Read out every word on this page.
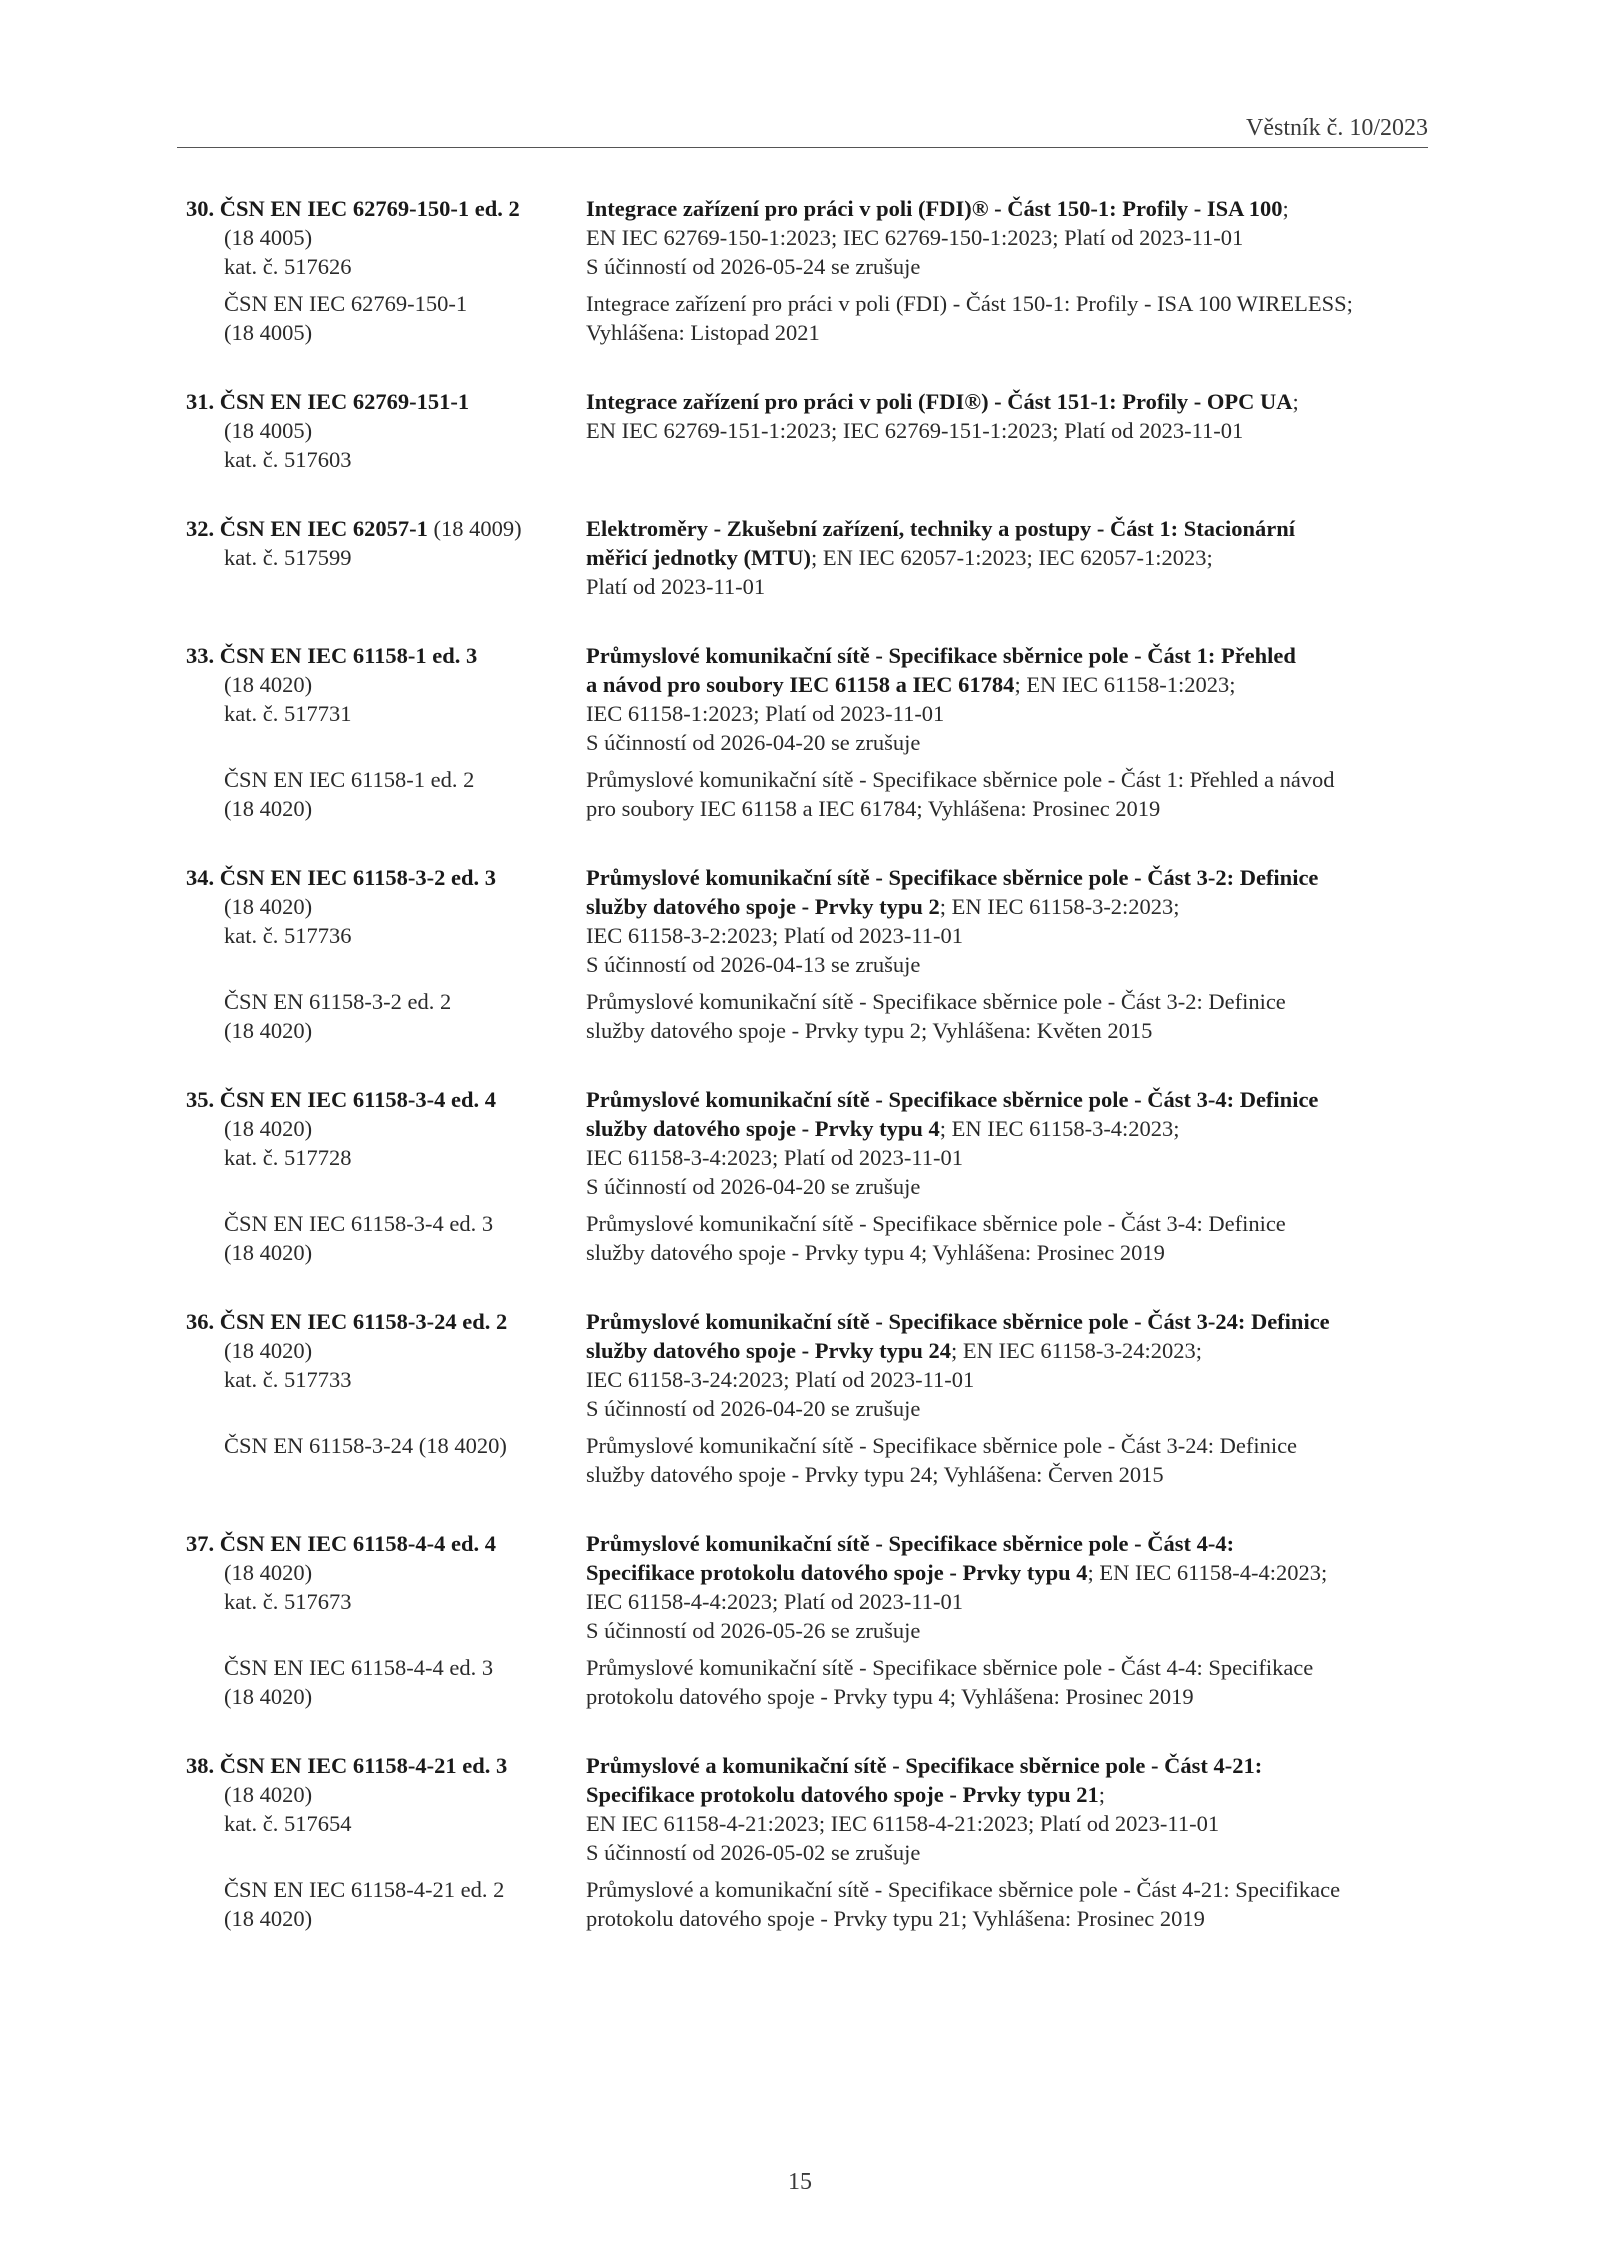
Věstník č. 10/2023
30. ČSN EN IEC 62769-150-1 ed. 2
(18 4005)
kat. č. 517626
Integrace zařízení pro práci v poli (FDI)® - Část 150-1: Profily - ISA 100;
EN IEC 62769-150-1:2023; IEC 62769-150-1:2023; Platí od 2023-11-01
S účinností od 2026-05-24 se zrušuje
ČSN EN IEC 62769-150-1
(18 4005)
Integrace zařízení pro práci v poli (FDI) - Část 150-1: Profily - ISA 100 WIRELESS;
Vyhlášena: Listopad 2021
31. ČSN EN IEC 62769-151-1
(18 4005)
kat. č. 517603
Integrace zařízení pro práci v poli (FDI®) - Část 151-1: Profily - OPC UA;
EN IEC 62769-151-1:2023; IEC 62769-151-1:2023; Platí od 2023-11-01
32. ČSN EN IEC 62057-1 (18 4009)
kat. č. 517599
Elektroměry - Zkušební zařízení, techniky a postupy - Část 1: Stacionární
měřicí jednotky (MTU); EN IEC 62057-1:2023; IEC 62057-1:2023;
Platí od 2023-11-01
33. ČSN EN IEC 61158-1 ed. 3
(18 4020)
kat. č. 517731
Průmyslové komunikační sítě - Specifikace sběrnice pole - Část 1: Přehled
a návod pro soubory IEC 61158 a IEC 61784; EN IEC 61158-1:2023;
IEC 61158-1:2023; Platí od 2023-11-01
S účinností od 2026-04-20 se zrušuje
ČSN EN IEC 61158-1 ed. 2
(18 4020)
Průmyslové komunikační sítě - Specifikace sběrnice pole - Část 1: Přehled a návod
pro soubory IEC 61158 a IEC 61784; Vyhlášena: Prosinec 2019
34. ČSN EN IEC 61158-3-2 ed. 3
(18 4020)
kat. č. 517736
Průmyslové komunikační sítě - Specifikace sběrnice pole - Část 3-2: Definice
služby datového spoje - Prvky typu 2; EN IEC 61158-3-2:2023;
IEC 61158-3-2:2023; Platí od 2023-11-01
S účinností od 2026-04-13 se zrušuje
ČSN EN 61158-3-2 ed. 2
(18 4020)
Průmyslové komunikační sítě - Specifikace sběrnice pole - Část 3-2: Definice
služby datového spoje - Prvky typu 2; Vyhlášena: Květen 2015
35. ČSN EN IEC 61158-3-4 ed. 4
(18 4020)
kat. č. 517728
Průmyslové komunikační sítě - Specifikace sběrnice pole - Část 3-4: Definice
služby datového spoje - Prvky typu 4; EN IEC 61158-3-4:2023;
IEC 61158-3-4:2023; Platí od 2023-11-01
S účinností od 2026-04-20 se zrušuje
ČSN EN IEC 61158-3-4 ed. 3
(18 4020)
Průmyslové komunikační sítě - Specifikace sběrnice pole - Část 3-4: Definice
služby datového spoje - Prvky typu 4; Vyhlášena: Prosinec 2019
36. ČSN EN IEC 61158-3-24 ed. 2
(18 4020)
kat. č. 517733
Průmyslové komunikační sítě - Specifikace sběrnice pole - Část 3-24: Definice
služby datového spoje - Prvky typu 24; EN IEC 61158-3-24:2023;
IEC 61158-3-24:2023; Platí od 2023-11-01
S účinností od 2026-04-20 se zrušuje
ČSN EN 61158-3-24 (18 4020)	Průmyslové komunikační sítě - Specifikace sběrnice pole - Část 3-24: Definice
služby datového spoje - Prvky typu 24; Vyhlášena: Červen 2015
37. ČSN EN IEC 61158-4-4 ed. 4
(18 4020)
kat. č. 517673
Průmyslové komunikační sítě - Specifikace sběrnice pole - Část 4-4:
Specifikace protokolu datového spoje - Prvky typu 4; EN IEC 61158-4-4:2023;
IEC 61158-4-4:2023; Platí od 2023-11-01
S účinností od 2026-05-26 se zrušuje
ČSN EN IEC 61158-4-4 ed. 3
(18 4020)
Průmyslové komunikační sítě - Specifikace sběrnice pole - Část 4-4: Specifikace
protokolu datového spoje - Prvky typu 4; Vyhlášena: Prosinec 2019
38. ČSN EN IEC 61158-4-21 ed. 3
(18 4020)
kat. č. 517654
Průmyslové a komunikační sítě - Specifikace sběrnice pole - Část 4-21:
Specifikace protokolu datového spoje - Prvky typu 21;
EN IEC 61158-4-21:2023; IEC 61158-4-21:2023; Platí od 2023-11-01
S účinností od 2026-05-02 se zrušuje
ČSN EN IEC 61158-4-21 ed. 2
(18 4020)
Průmyslové a komunikační sítě - Specifikace sběrnice pole - Část 4-21: Specifikace
protokolu datového spoje - Prvky typu 21; Vyhlášena: Prosinec 2019
15
